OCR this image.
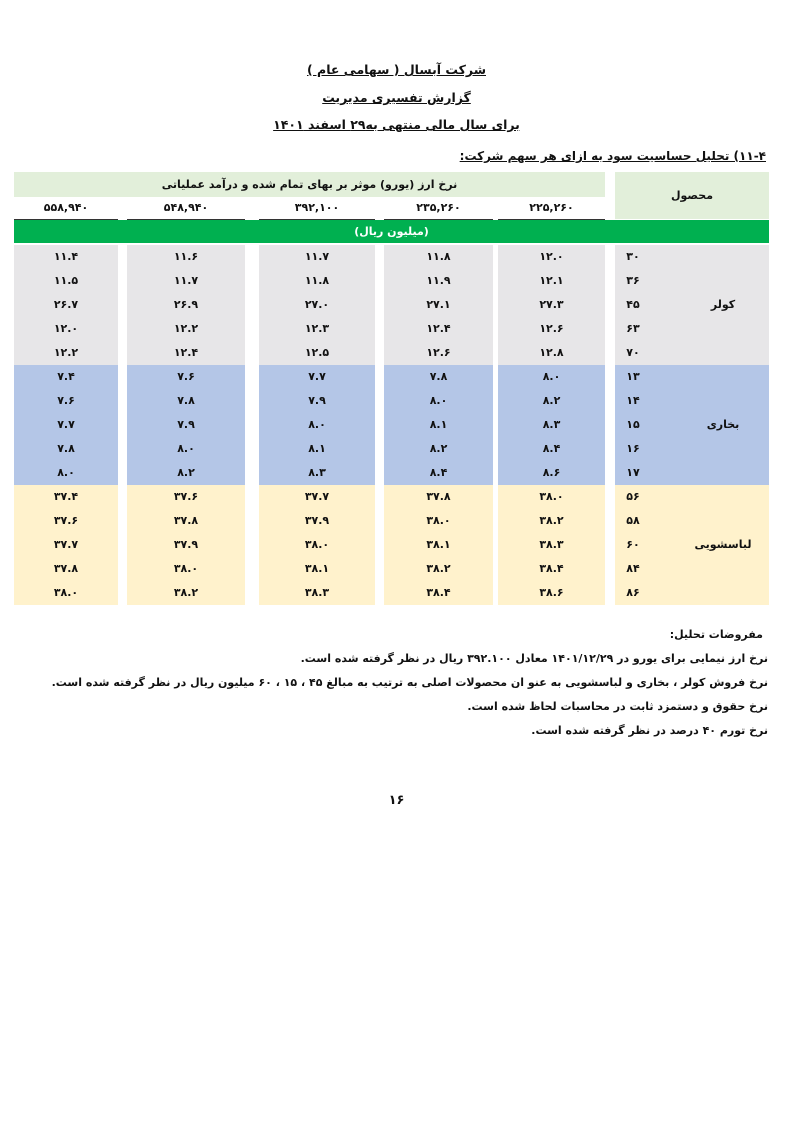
شرکت آبسال ( سهامی عام )
گزارش تفسیری مدیریت
برای سال مالی منتهی به۲۹ اسفند ۱۴۰۱
۱۱-۴) تحلیل حساسیت سود به ازای هر سهم شرکت:
نرخ ارز (یورو) موثر بر بهای تمام شده و درآمد عملیاتی
محصول
۵۵۸,۹۴۰	۵۴۸,۹۴۰	۳۹۲,۱۰۰	۲۳۵,۲۶۰	۲۲۵,۲۶۰
(میلیون ریال)
کولر
۳۰
۱۱.۴	۱۱.۶	۱۱.۷	۱۱.۸	۱۲.۰
۳۶
۱۱.۵	۱۱.۷	۱۱.۸	۱۱.۹	۱۲.۱
۴۵
۲۶.۷	۲۶.۹	۲۷.۰	۲۷.۱	۲۷.۳
۶۳
۱۲.۰	۱۲.۲	۱۲.۳	۱۲.۴	۱۲.۶
۷۰
۱۲.۲	۱۲.۴	۱۲.۵	۱۲.۶	۱۲.۸
بخاری
۱۳
۷.۴	۷.۶	۷.۷	۷.۸	۸.۰
۱۴
۷.۶	۷.۸	۷.۹	۸.۰	۸.۲
۱۵
۷.۷	۷.۹	۸.۰	۸.۱	۸.۳
۱۶
۷.۸	۸.۰	۸.۱	۸.۲	۸.۴
۱۷
۸.۰	۸.۲	۸.۳	۸.۴	۸.۶
لباسشویی
۵۶
۳۷.۴	۳۷.۶	۳۷.۷	۳۷.۸	۳۸.۰
۵۸
۳۷.۶	۳۷.۸	۳۷.۹	۳۸.۰	۳۸.۲
۶۰
۳۷.۷	۳۷.۹	۳۸.۰	۳۸.۱	۳۸.۳
۸۴
۳۷.۸	۳۸.۰	۳۸.۱	۳۸.۲	۳۸.۴
۸۶
۳۸.۰	۳۸.۲	۳۸.۳	۳۸.۴	۳۸.۶
مفروضات تحلیل:
نرخ ارز نیمایی برای یورو در ۱۴۰۱/۱۲/۲۹ معادل ۳۹۲.۱۰۰ ریال در نظر گرفته شده است.
نرخ فروش کولر ، بخاری و لباسشویی به عنو ان محصولات اصلی به ترتیب به مبالغ ۴۵ ، ۱۵ ، ۶۰ میلیون ریال در نظر گرفته شده است.
نرخ حقوق و دستمزد ثابت در محاسبات لحاظ شده است.
نرخ تورم ۴۰ درصد در نظر گرفته شده است.
۱۶
